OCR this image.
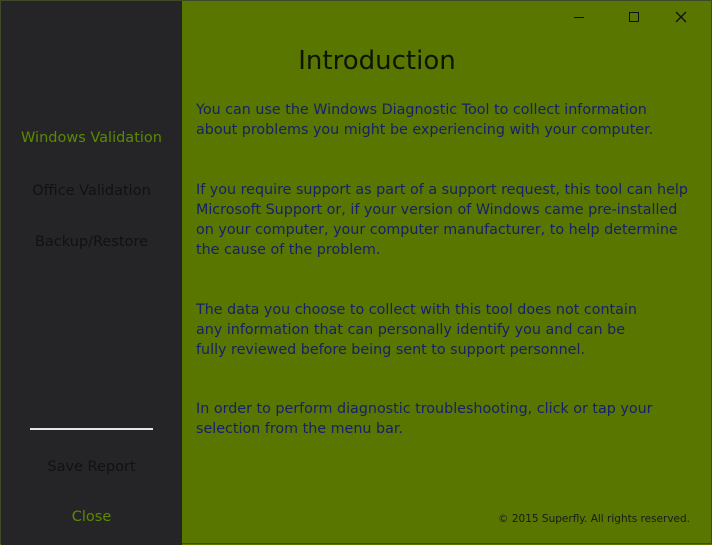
Windows Validation
Office Validation
Backup/Restore
Save Report
Close
Introduction
You can use the Windows Diagnostic Tool to collect information
about problems you might be experiencing with your computer.
If you require support as part of a support request, this tool can help
Microsoft Support or, if your version of Windows came pre-installed
on your computer, your computer manufacturer, to help determine
the cause of the problem.
The data you choose to collect with this tool does not contain
any information that can personally identify you and can be
fully reviewed before being sent to support personnel.
In order to perform diagnostic troubleshooting, click or tap your
selection from the menu bar.
© 2015 Superfly. All rights reserved.
